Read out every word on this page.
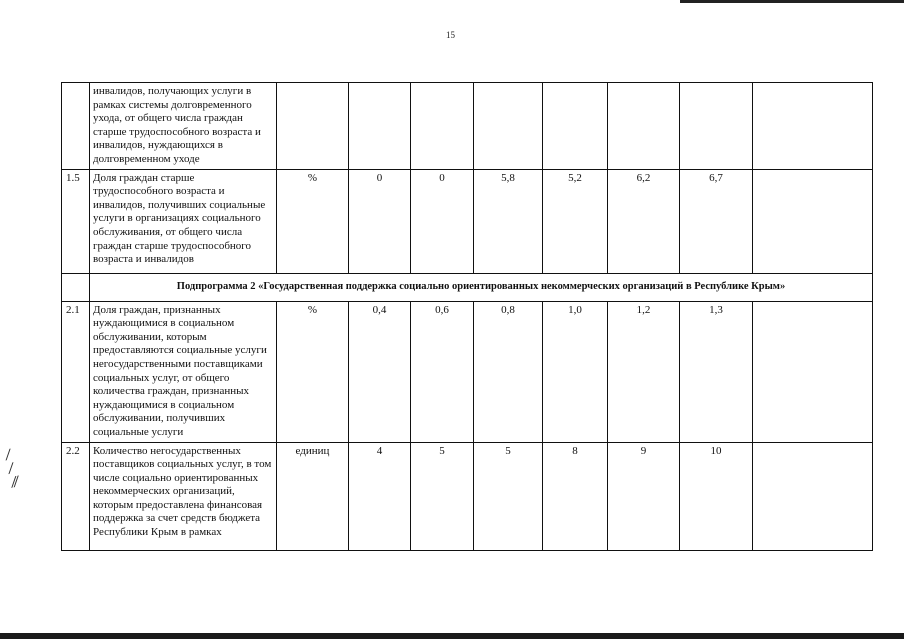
15
⁄
⁄
⁄⁄
	инвалидов, получающих услуги в рамках системы долговременного ухода, от общего числа граждан старше трудоспособного возраста и инвалидов, нуждающихся в долговременном уходе								
1.5	Доля граждан старше трудоспособного возраста и инвалидов, получивших социальные услуги в организациях социального обслуживания, от общего числа граждан старше трудоспособного возраста и инвалидов	%	0	0	5,8	5,2	6,2	6,7	
	Подпрограмма 2 «Государственная поддержка социально ориентированных некоммерческих организаций в Республике Крым»								
2.1	Доля граждан, признанных нуждающимися в социальном обслуживании, которым предоставляются социальные услуги негосударственными поставщиками социальных услуг, от общего количества граждан, признанных нуждающимися в социальном обслуживании, получивших социальные услуги	%	0,4	0,6	0,8	1,0	1,2	1,3	
2.2	Количество негосударственных поставщиков социальных услуг, в том числе социально ориентированных некоммерческих организаций, которым предоставлена финансовая поддержка за счет средств бюджета Республики Крым в рамках	единиц	4	5	5	8	9	10	
